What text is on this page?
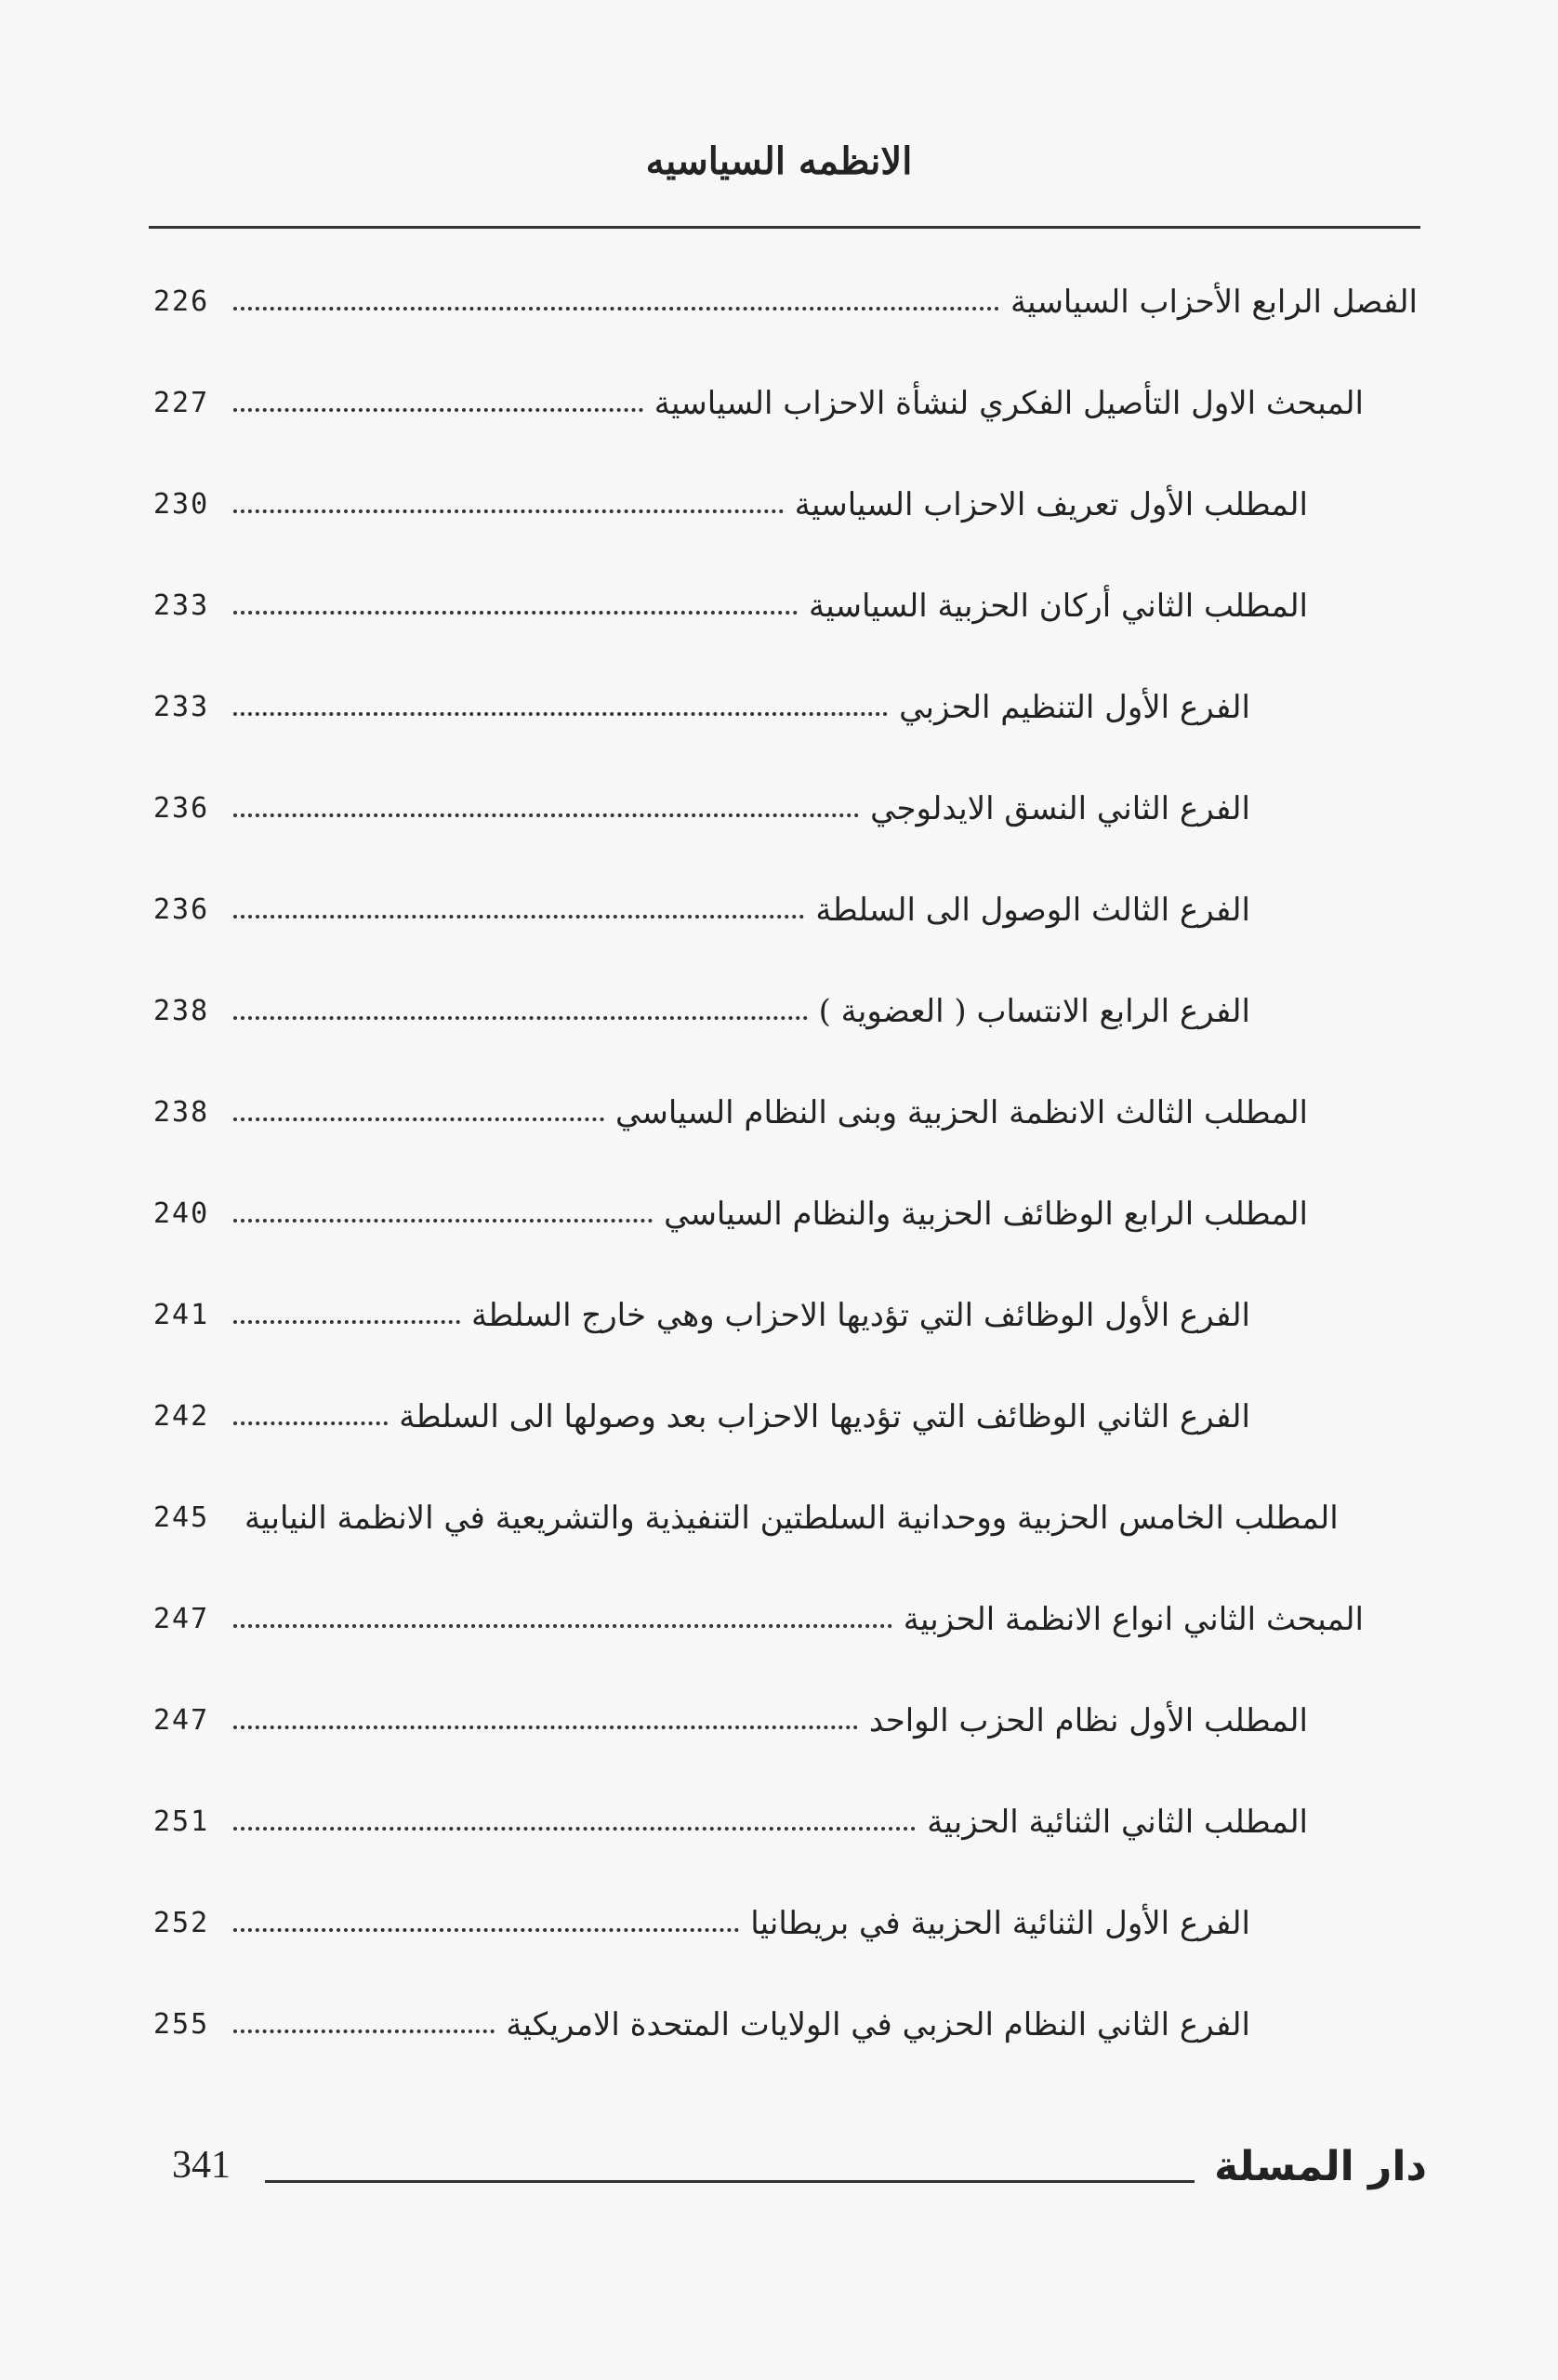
الانظمه السياسيه
226	الفصل الرابع الأحزاب السياسية
227	المبحث الاول التأصيل الفكري لنشأة الاحزاب السياسية
230	المطلب الأول تعريف الاحزاب السياسية
233	المطلب الثاني أركان الحزبية السياسية
233	الفرع الأول التنظيم الحزبي
236	الفرع الثاني النسق الايدلوجي
236	الفرع الثالث الوصول الى السلطة
238	الفرع الرابع الانتساب ( العضوية )
238	المطلب الثالث الانظمة الحزبية وبنى النظام السياسي
240	المطلب الرابع الوظائف الحزبية والنظام السياسي
241	الفرع الأول الوظائف التي تؤديها الاحزاب وهي خارج السلطة
242	الفرع الثاني الوظائف التي تؤديها الاحزاب بعد وصولها الى السلطة
245	المطلب الخامس الحزبية ووحدانية السلطتين التنفيذية والتشريعية في الانظمة النيابية
247	المبحث الثاني انواع الانظمة الحزبية
247	المطلب الأول نظام الحزب الواحد
251	المطلب الثاني الثنائية الحزبية
252	الفرع الأول الثنائية الحزبية في بريطانيا
255	الفرع الثاني النظام الحزبي في الولايات المتحدة الامريكية
341	دار المسلة
